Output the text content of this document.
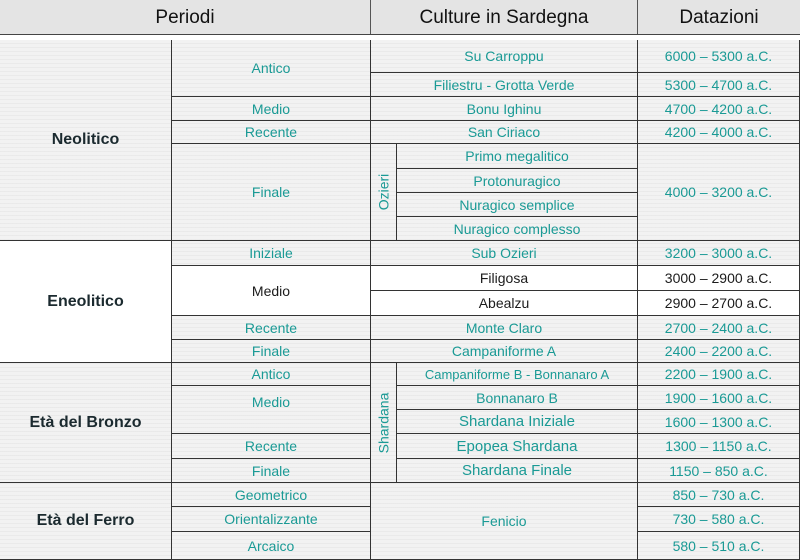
Periodi	Culture in Sardegna	Datazioni
Neolitico
Eneolitico
Età del Bronzo
Età del Ferro
Antico
Medio
Recente
Finale
Iniziale
Medio
Recente
Finale
Antico
Medio
Recente
Finale
Geometrico
Orientalizzante
Arcaico
Su Carroppu
Filiestru - Grotta Verde
Bonu Ighinu
San Ciriaco
Ozieri
Primo megalitico
Protonuragico
Nuragico semplice
Nuragico complesso
Sub Ozieri
Filigosa
Abealzu
Monte Claro
Campaniforme A
Shardana
Campaniforme B - Bonnanaro A
Bonnanaro B
Shardana Iniziale
Epopea Shardana
Shardana Finale
Fenicio
6000 – 5300 a.C.
5300 – 4700 a.C.
4700 – 4200 a.C.
4200 – 4000 a.C.
4000 – 3200 a.C.
3200 – 3000 a.C.
3000 – 2900 a.C.
2900 – 2700 a.C.
2700 – 2400 a.C.
2400 – 2200 a.C.
2200 – 1900 a.C.
1900 – 1600 a.C.
1600 – 1300 a.C.
1300 – 1150 a.C.
1150 – 850 a.C.
850 – 730 a.C.
730 – 580 a.C.
580 – 510 a.C.
